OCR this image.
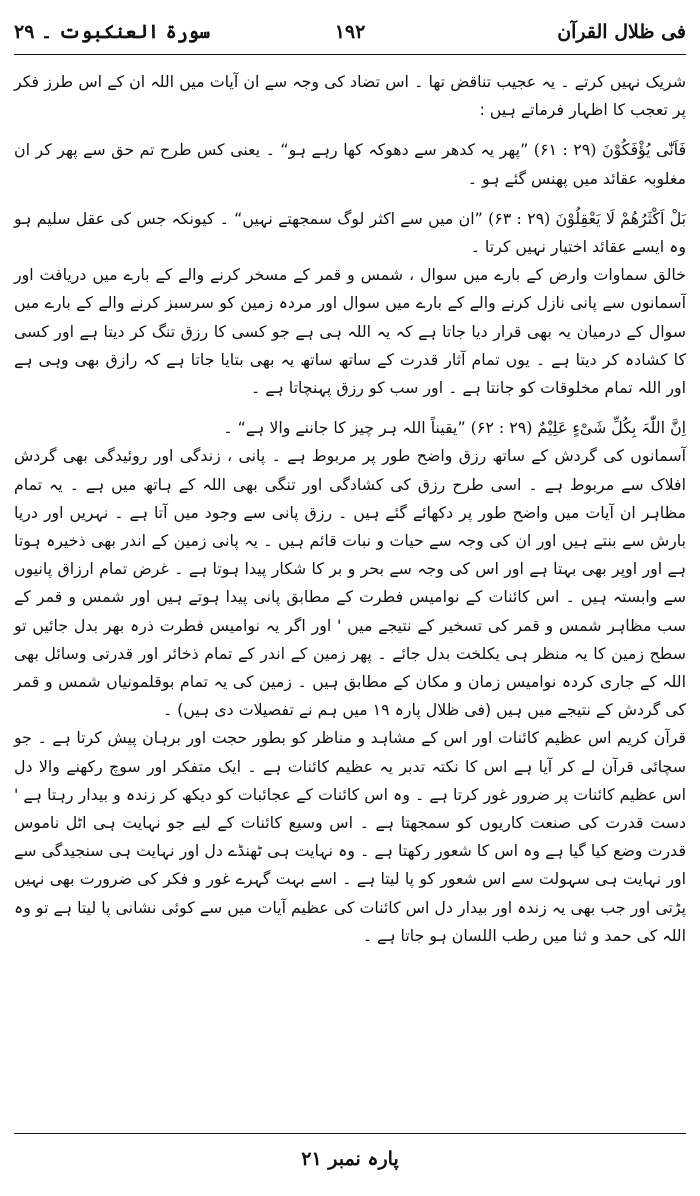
فی ظلال القرآن
۱۹۲
سورۃ العنکبوت ۔ ۲۹

شریک نہیں کرتے ۔ یہ عجیب تناقض تھا ۔ اس تضاد کی وجہ سے ان آیات میں اللہ ان کے اس طرز فکر پر تعجب کا اظہار فرماتے ہیں :

فَاَنّٰی یُؤْفَکُوْنَ (۲۹ : ۶۱) ”پھر یہ کدھر سے دھوکہ کھا رہے ہو“ ۔ یعنی کس طرح تم حق سے پھر کر ان مغلوبہ عقائد میں پھنس گئے ہو ۔

بَلْ اَکْثَرُھُمْ لَا یَعْقِلُوْنَ (۲۹ : ۶۳) ”ان میں سے اکثر لوگ سمجھتے نہیں“ ۔ کیونکہ جس کی عقل سلیم ہو وہ ایسے عقائد اختیار نہیں کرتا ۔

خالق سماوات وارض کے بارے میں سوال ، شمس و قمر کے مسخر کرنے والے کے بارے میں دریافت اور آسمانوں سے پانی نازل کرنے والے کے بارے میں سوال اور مردہ زمین کو سرسبز کرنے والے کے بارے میں سوال کے درمیان یہ بھی قرار دیا جاتا ہے کہ یہ اللہ ہی ہے جو کسی کا رزق تنگ کر دیتا ہے اور کسی کا کشادہ کر دیتا ہے ۔ یوں تمام آثار قدرت کے ساتھ ساتھ یہ بھی بتایا جاتا ہے کہ رازق بھی وہی ہے اور اللہ تمام مخلوقات کو جانتا ہے ۔ اور سب کو رزق پہنچاتا ہے ۔

اِنَّ اللّٰہَ بِکُلِّ شَیْءٍ عَلِیْمٌ (۲۹ : ۶۲) ”یقیناً اللہ ہر چیز کا جاننے والا ہے“ ۔

آسمانوں کی گردش کے ساتھ رزق واضح طور پر مربوط ہے ۔ پانی ، زندگی اور روئیدگی بھی گردش افلاک سے مربوط ہے ۔ اسی طرح رزق کی کشادگی اور تنگی بھی اللہ کے ہاتھ میں ہے ۔ یہ تمام مظاہر ان آیات میں واضح طور پر دکھائے گئے ہیں ۔ رزق پانی سے وجود میں آتا ہے ۔ نہریں اور دریا بارش سے بنتے ہیں اور ان کی وجہ سے حیات و نبات قائم ہیں ۔ یہ پانی زمین کے اندر بھی ذخیرہ ہوتا ہے اور اوپر بھی بہتا ہے اور اس کی وجہ سے بحر و بر کا شکار پیدا ہوتا ہے ۔ غرض تمام ارزاق پانیوں سے وابستہ ہیں ۔ اس کائنات کے نوامیس فطرت کے مطابق پانی پیدا ہوتے ہیں اور شمس و قمر کے سب مظاہر شمس و قمر کی تسخیر کے نتیجے میں ' اور اگر یہ نوامیس فطرت ذرہ بھر بدل جائیں تو سطح زمین کا یہ منظر ہی یکلخت بدل جائے ۔ پھر زمین کے اندر کے تمام ذخائر اور قدرتی وسائل بھی اللہ کے جاری کردہ نوامیس زمان و مکان کے مطابق ہیں ۔ زمین کی یہ تمام بوقلمونیاں شمس و قمر کی گردش کے نتیجے میں ہیں (فی ظلال پارہ ۱۹ میں ہم نے تفصیلات دی ہیں) ۔

قرآن کریم اس عظیم کائنات اور اس کے مشاہد و مناظر کو بطور حجت اور برہان پیش کرتا ہے ۔ جو سچائی قرآن لے کر آیا ہے اس کا نکتہ تدبر یہ عظیم کائنات ہے ۔ ایک متفکر اور سوچ رکھنے والا دل اس عظیم کائنات پر ضرور غور کرتا ہے ۔ وہ اس کائنات کے عجائبات کو دیکھ کر زندہ و بیدار رہتا ہے ' دست قدرت کی صنعت کاریوں کو سمجھتا ہے ۔ اس وسیع کائنات کے لیے جو نہایت ہی اٹل ناموس قدرت وضع کیا گیا ہے وہ اس کا شعور رکھتا ہے ۔ وہ نہایت ہی ٹھنڈے دل اور نہایت ہی سنجیدگی سے اور نہایت ہی سہولت سے اس شعور کو پا لیتا ہے ۔ اسے بہت گہرے غور و فکر کی ضرورت بھی نہیں پڑتی اور جب بھی یہ زندہ اور بیدار دل اس کائنات کی عظیم آیات میں سے کوئی نشانی پا لیتا ہے تو وہ اللہ کی حمد و ثنا میں رطب اللسان ہو جاتا ہے ۔

پارہ نمبر ۲۱
